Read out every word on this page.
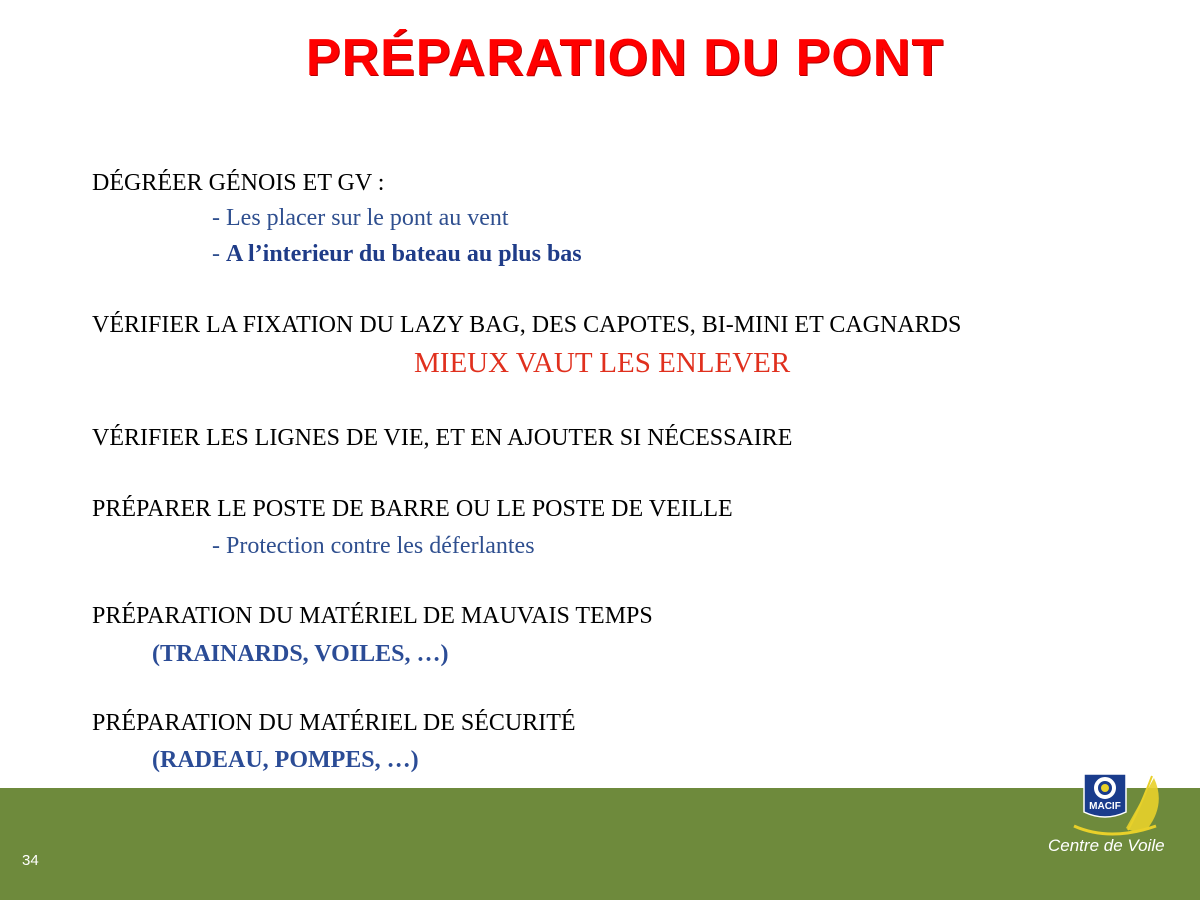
PRÉPARATION DU PONT
DÉGRÉER GÉNOIS ET GV :
- Les placer sur le pont au vent
- A l’interieur du bateau au plus bas
VÉRIFIER LA FIXATION DU LAZY BAG, DES CAPOTES, BI-MINI ET CAGNARDS
MIEUX VAUT LES ENLEVER
VÉRIFIER LES LIGNES DE VIE, ET EN AJOUTER SI NÉCESSAIRE
PRÉPARER LE POSTE DE BARRE OU LE POSTE DE VEILLE
- Protection contre les déferlantes
PRÉPARATION DU MATÉRIEL DE MAUVAIS TEMPS
(TRAINARDS, VOILES, …)
PRÉPARATION DU MATÉRIEL DE SÉCURITÉ
(RADEAU, POMPES, …)
34
MACIF
Centre de Voile
